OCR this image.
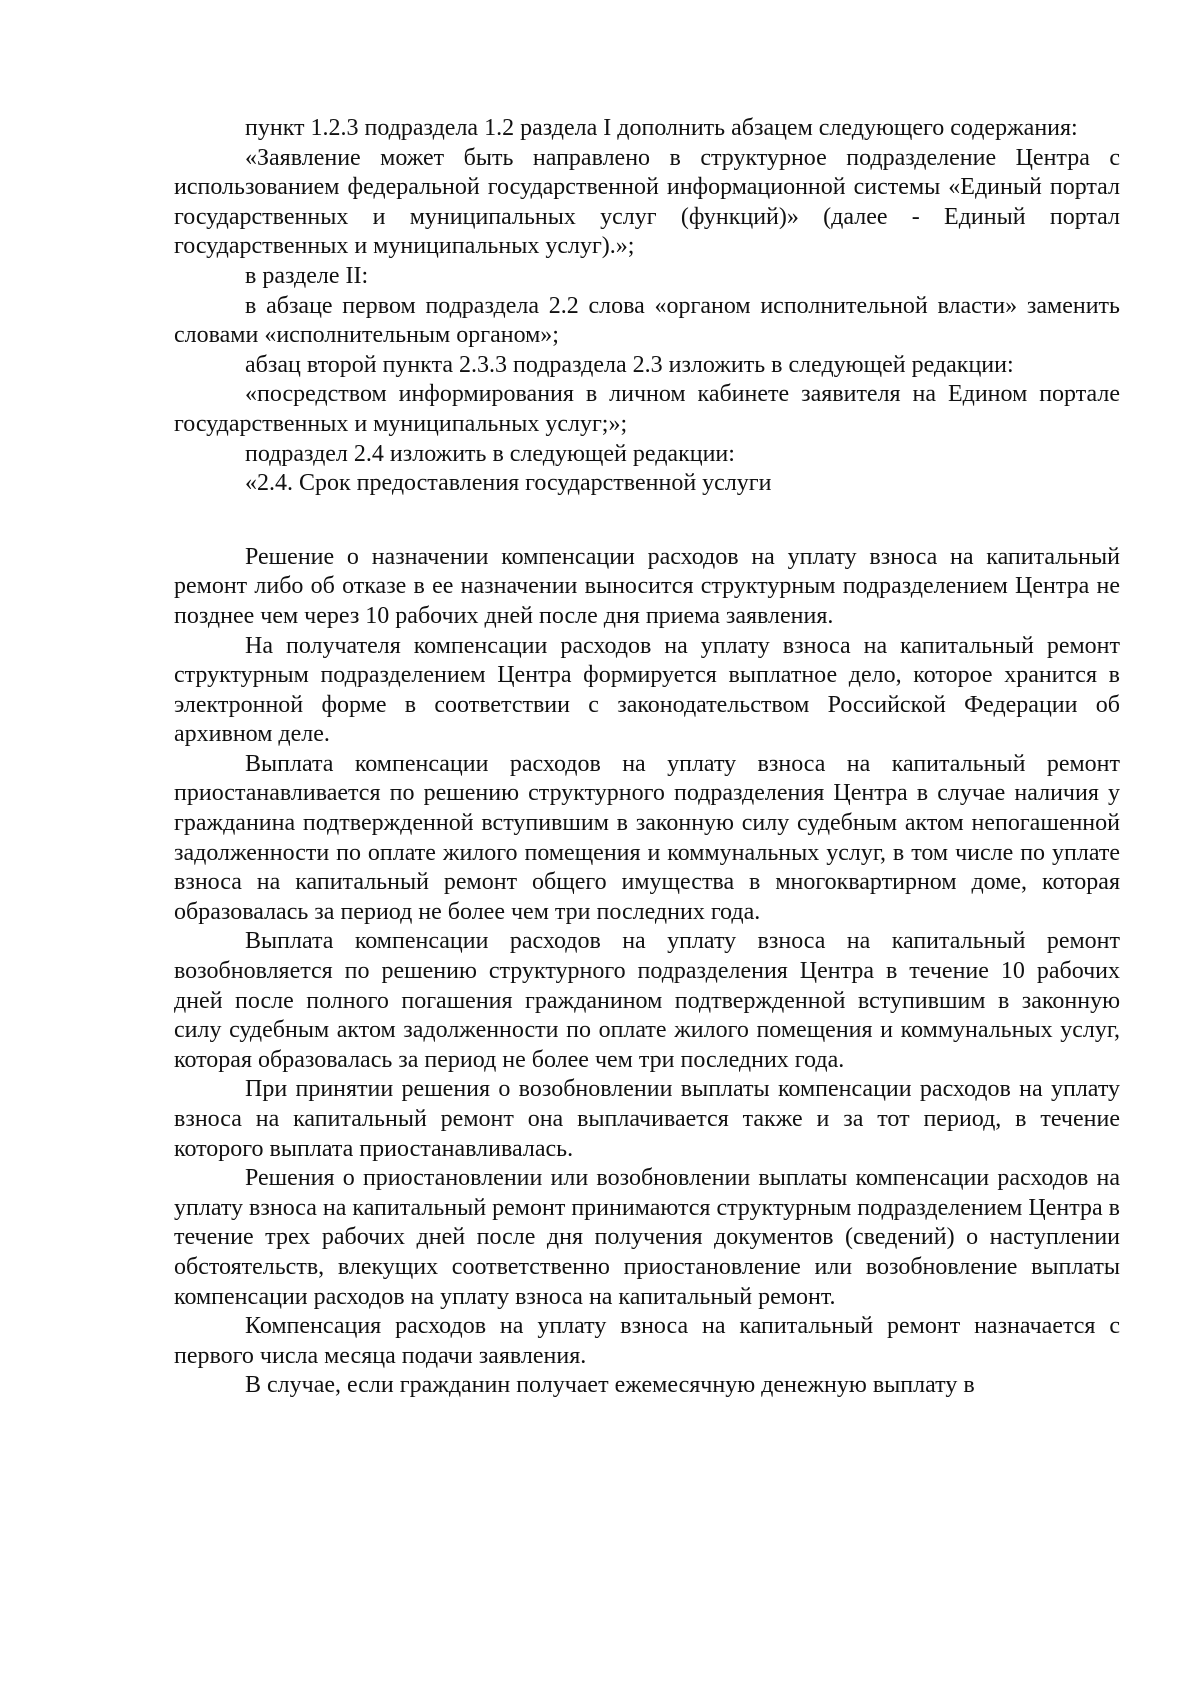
пункт 1.2.3 подраздела 1.2 раздела I дополнить абзацем следующего содержания:

«Заявление может быть направлено в структурное подразделение Центра с использованием федеральной государственной информационной системы «Единый портал государственных и муниципальных услуг (функций)» (далее - Единый портал государственных и муниципальных услуг).»;

в разделе II:

в абзаце первом подраздела 2.2 слова «органом исполнительной власти» заменить словами «исполнительным органом»;

абзац второй пункта 2.3.3 подраздела 2.3 изложить в следующей редакции:

«посредством информирования в личном кабинете заявителя на Едином портале государственных и муниципальных услуг;»;

подраздел 2.4 изложить в следующей редакции:

«2.4. Срок предоставления государственной услуги

Решение о назначении компенсации расходов на уплату взноса на капитальный ремонт либо об отказе в ее назначении выносится структурным подразделением Центра не позднее чем через 10 рабочих дней после дня приема заявления.

На получателя компенсации расходов на уплату взноса на капитальный ремонт структурным подразделением Центра формируется выплатное дело, которое хранится в электронной форме в соответствии с законодательством Российской Федерации об архивном деле.

Выплата компенсации расходов на уплату взноса на капитальный ремонт приостанавливается по решению структурного подразделения Центра в случае наличия у гражданина подтвержденной вступившим в законную силу судебным актом непогашенной задолженности по оплате жилого помещения и коммунальных услуг, в том числе по уплате взноса на капитальный ремонт общего имущества в многоквартирном доме, которая образовалась за период не более чем три последних года.

Выплата компенсации расходов на уплату взноса на капитальный ремонт возобновляется по решению структурного подразделения Центра в течение 10 рабочих дней после полного погашения гражданином подтвержденной вступившим в законную силу судебным актом задолженности по оплате жилого помещения и коммунальных услуг, которая образовалась за период не более чем три последних года.

При принятии решения о возобновлении выплаты компенсации расходов на уплату взноса на капитальный ремонт она выплачивается также и за тот период, в течение которого выплата приостанавливалась.

Решения о приостановлении или возобновлении выплаты компенсации расходов на уплату взноса на капитальный ремонт принимаются структурным подразделением Центра в течение трех рабочих дней после дня получения документов (сведений) о наступлении обстоятельств, влекущих соответственно приостановление или возобновление выплаты компенсации расходов на уплату взноса на капитальный ремонт.

Компенсация расходов на уплату взноса на капитальный ремонт назначается с первого числа месяца подачи заявления.

В случае, если гражданин получает ежемесячную денежную выплату в
